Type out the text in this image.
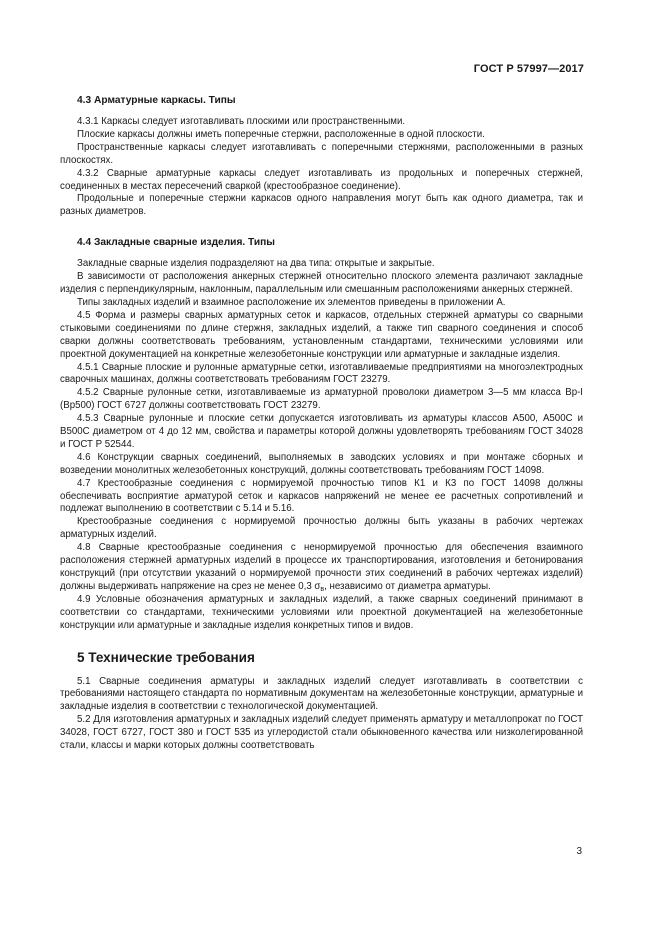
ГОСТ Р 57997—2017
4.3 Арматурные каркасы. Типы

4.3.1 Каркасы следует изготавливать плоскими или пространственными.

Плоские каркасы должны иметь поперечные стержни, расположенные в одной плоскости.

Пространственные каркасы следует изготавливать с поперечными стержнями, расположенными в разных плоскостях.

4.3.2 Сварные арматурные каркасы следует изготавливать из продольных и поперечных стержней, соединенных в местах пересечений сваркой (крестообразное соединение).

Продольные и поперечные стержни каркасов одного направления могут быть как одного диаметра, так и разных диаметров.

4.4 Закладные сварные изделия. Типы

Закладные сварные изделия подразделяют на два типа: открытые и закрытые.

В зависимости от расположения анкерных стержней относительно плоского элемента различают закладные изделия с перпендикулярным, наклонным, параллельным или смешанным расположениями анкерных стержней.

Типы закладных изделий и взаимное расположение их элементов приведены в приложении А.

4.5 Форма и размеры сварных арматурных сеток и каркасов, отдельных стержней арматуры со сварными стыковыми соединениями по длине стержня, закладных изделий, а также тип сварного соединения и способ сварки должны соответствовать требованиям, установленным стандартами, техническими условиями или проектной документацией на конкретные железобетонные конструкции или арматурные и закладные изделия.

4.5.1 Сварные плоские и рулонные арматурные сетки, изготавливаемые предприятиями на многоэлектродных сварочных машинах, должны соответствовать требованиям ГОСТ 23279.

4.5.2 Сварные рулонные сетки, изготавливаемые из арматурной проволоки диаметром 3—5 мм класса Вр-I (Вр500) ГОСТ 6727 должны соответствовать ГОСТ 23279.

4.5.3 Сварные рулонные и плоские сетки допускается изготовливать из арматуры классов А500, А500С и В500С диаметром от 4 до 12 мм, свойства и параметры которой должны удовлетворять требованиям ГОСТ 34028 и ГОСТ Р 52544.

4.6 Конструкции сварных соединений, выполняемых в заводских условиях и при монтаже сборных и возведении монолитных железобетонных конструкций, должны соответствовать требованиям ГОСТ 14098.

4.7 Крестообразные соединения с нормируемой прочностью типов К1 и К3 по ГОСТ 14098 должны обеспечивать восприятие арматурой сеток и каркасов напряжений не менее ее расчетных сопротивлений и подлежат выполнению в соответствии с 5.14 и 5.16.

Крестообразные соединения с нормируемой прочностью должны быть указаны в рабочих чертежах арматурных изделий.

4.8 Сварные крестообразные соединения с ненормируемой прочностью для обеспечения взаимного расположения стержней арматурных изделий в процессе их транспортирования, изготовления и бетонирования конструкций (при отсутствии указаний о нормируемой прочности этих соединений в рабочих чертежах изделий) должны выдерживать напряжение на срез не менее 0,3 $\sigma_в$, независимо от диаметра арматуры.

4.9 Условные обозначения арматурных и закладных изделий, а также сварных соединений принимают в соответствии со стандартами, техническими условиями или проектной документацией на железобетонные конструкции или арматурные и закладные изделия конкретных типов и видов.

5 Технические требования

5.1 Сварные соединения арматуры и закладных изделий следует изготавливать в соответствии с требованиями настоящего стандарта по нормативным документам на железобетонные конструкции, арматурные и закладные изделия в соответствии с технологической документацией.

5.2 Для изготовления арматурных и закладных изделий следует применять арматуру и металлопрокат по ГОСТ 34028, ГОСТ 6727, ГОСТ 380 и ГОСТ 535 из углеродистой стали обыкновенного качества или низколегированной стали, классы и марки которых должны соответствовать

3
